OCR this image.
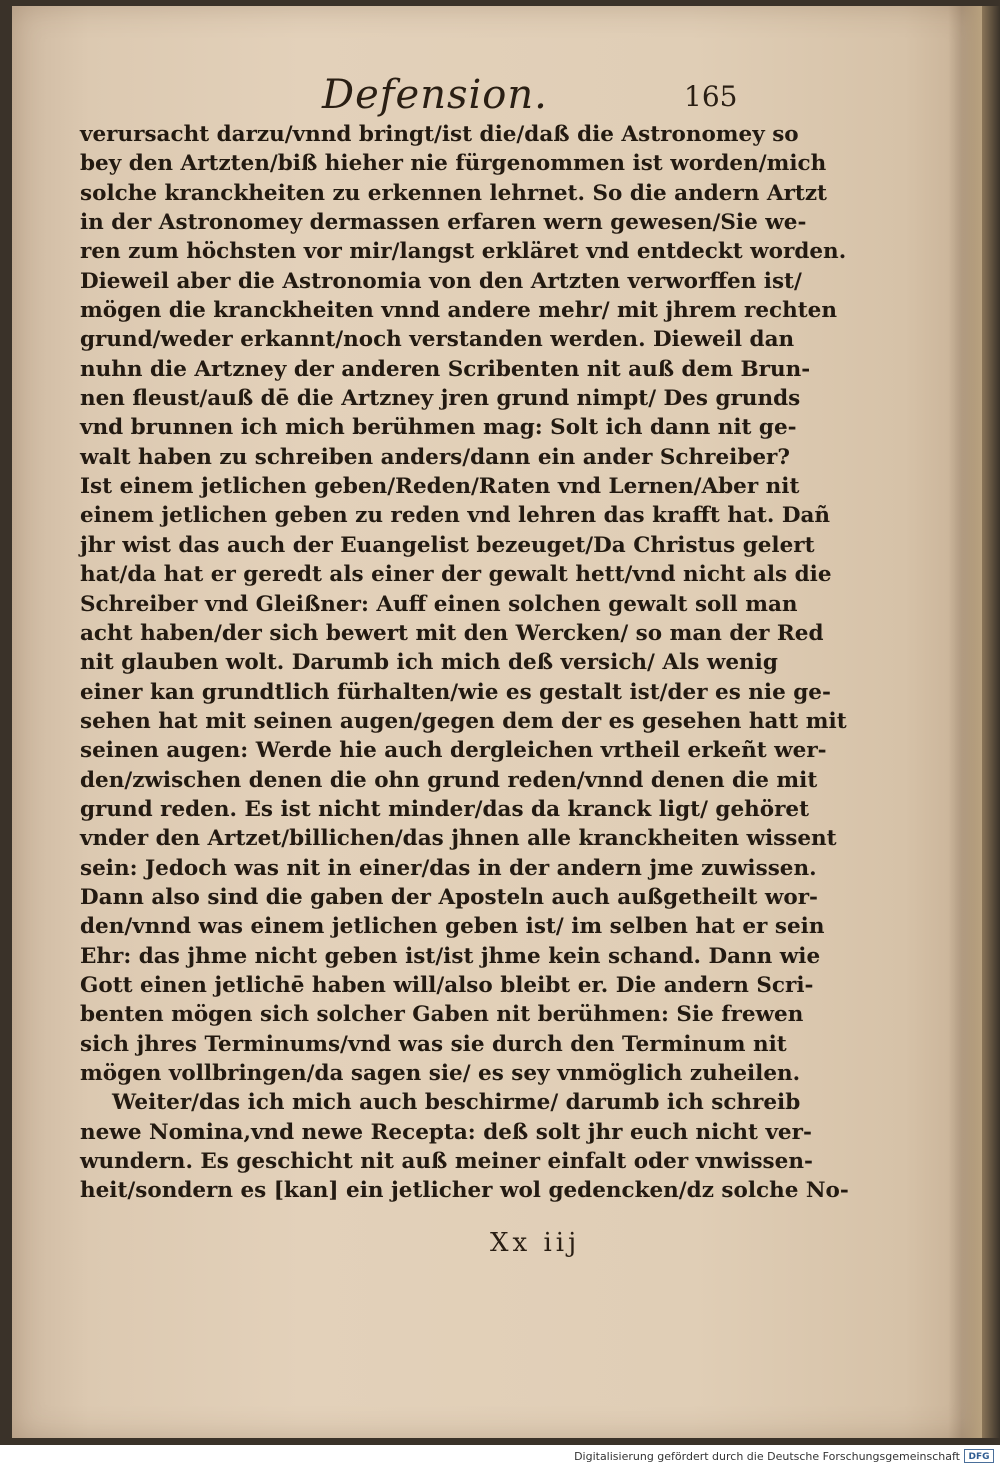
Defension.	165
verursacht darzu/vnnd bringt/ist die/daß die Astronomey so
bey den Artzten/biß hieher nie fürgenommen ist worden/mich
solche kranckheiten zu erkennen lehrnet. So die andern Artzt
in der Astronomey dermassen erfaren wern gewesen/Sie we-
ren zum höchsten vor mir/langst erkläret vnd entdeckt worden.
Dieweil aber die Astronomia von den Artzten verworffen ist/
mögen die kranckheiten vnnd andere mehr/ mit jhrem rechten
grund/weder erkannt/noch verstanden werden. Dieweil dan
nuhn die Artzney der anderen Scribenten nit auß dem Brun-
nen fleust/auß dē die Artzney jren grund nimpt/ Des grunds
vnd brunnen ich mich berühmen mag: Solt ich dann nit ge-
walt haben zu schreiben anders/dann ein ander Schreiber?
Ist einem jetlichen geben/Reden/Raten vnd Lernen/Aber nit
einem jetlichen geben zu reden vnd lehren das krafft hat. Dañ
jhr wist das auch der Euangelist bezeuget/Da Christus gelert
hat/da hat er geredt als einer der gewalt hett/vnd nicht als die
Schreiber vnd Gleißner: Auff einen solchen gewalt soll man
acht haben/der sich bewert mit den Wercken/ so man der Red
nit glauben wolt. Darumb ich mich deß versich/ Als wenig
einer kan grundtlich fürhalten/wie es gestalt ist/der es nie ge-
sehen hat mit seinen augen/gegen dem der es gesehen hatt mit
seinen augen: Werde hie auch dergleichen vrtheil erkeñt wer-
den/zwischen denen die ohn grund reden/vnnd denen die mit
grund reden. Es ist nicht minder/das da kranck ligt/ gehöret
vnder den Artzet/billichen/das jhnen alle kranckheiten wissent
sein: Jedoch was nit in einer/das in der andern jme zuwissen.
Dann also sind die gaben der Aposteln auch außgetheilt wor-
den/vnnd was einem jetlichen geben ist/ im selben hat er sein
Ehr: das jhme nicht geben ist/ist jhme kein schand. Dann wie
Gott einen jetlichē haben will/also bleibt er. Die andern Scri-
benten mögen sich solcher Gaben nit berühmen: Sie frewen
sich jhres Terminums/vnd was sie durch den Terminum nit
mögen vollbringen/da sagen sie/ es sey vnmöglich zuheilen.
Weiter/das ich mich auch beschirme/ darumb ich schreib
newe Nomina,vnd newe Recepta: deß solt jhr euch nicht ver-
wundern. Es geschicht nit auß meiner einfalt oder vnwissen-
heit/sondern es [kan] ein jetlicher wol gedencken/dz solche No-
Xx iij
Digitalisierung gefördert durch die Deutsche Forschungsgemeinschaft DFG
